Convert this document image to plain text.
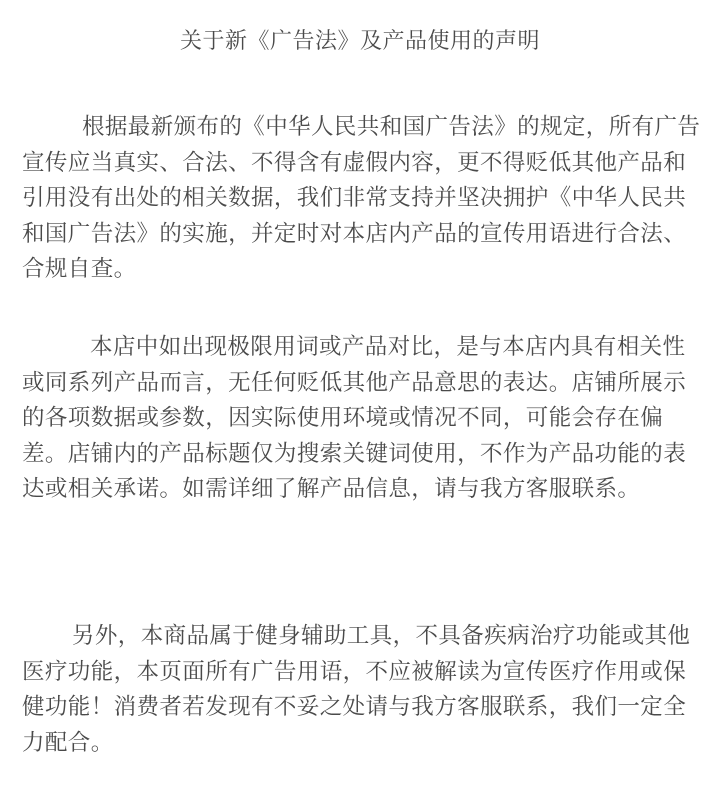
关于新《广告法》及产品使用的声明

根据最新颁布的《中华人民共和国广告法》的规定，所有广告宣传应当真实、合法、不得含有虚假内容，更不得贬低其他产品和引用没有出处的相关数据，我们非常支持并坚决拥护《中华人民共和国广告法》的实施，并定时对本店内产品的宣传用语进行合法、合规自查。

本店中如出现极限用词或产品对比，是与本店内具有相关性或同系列产品而言，无任何贬低其他产品意思的表达。店铺所展示的各项数据或参数，因实际使用环境或情况不同，可能会存在偏差。店铺内的产品标题仅为搜索关键词使用，不作为产品功能的表达或相关承诺。如需详细了解产品信息，请与我方客服联系。

另外，本商品属于健身辅助工具，不具备疾病治疗功能或其他医疗功能，本页面所有广告用语，不应被解读为宣传医疗作用或保健功能！消费者若发现有不妥之处请与我方客服联系，我们一定全力配合。
